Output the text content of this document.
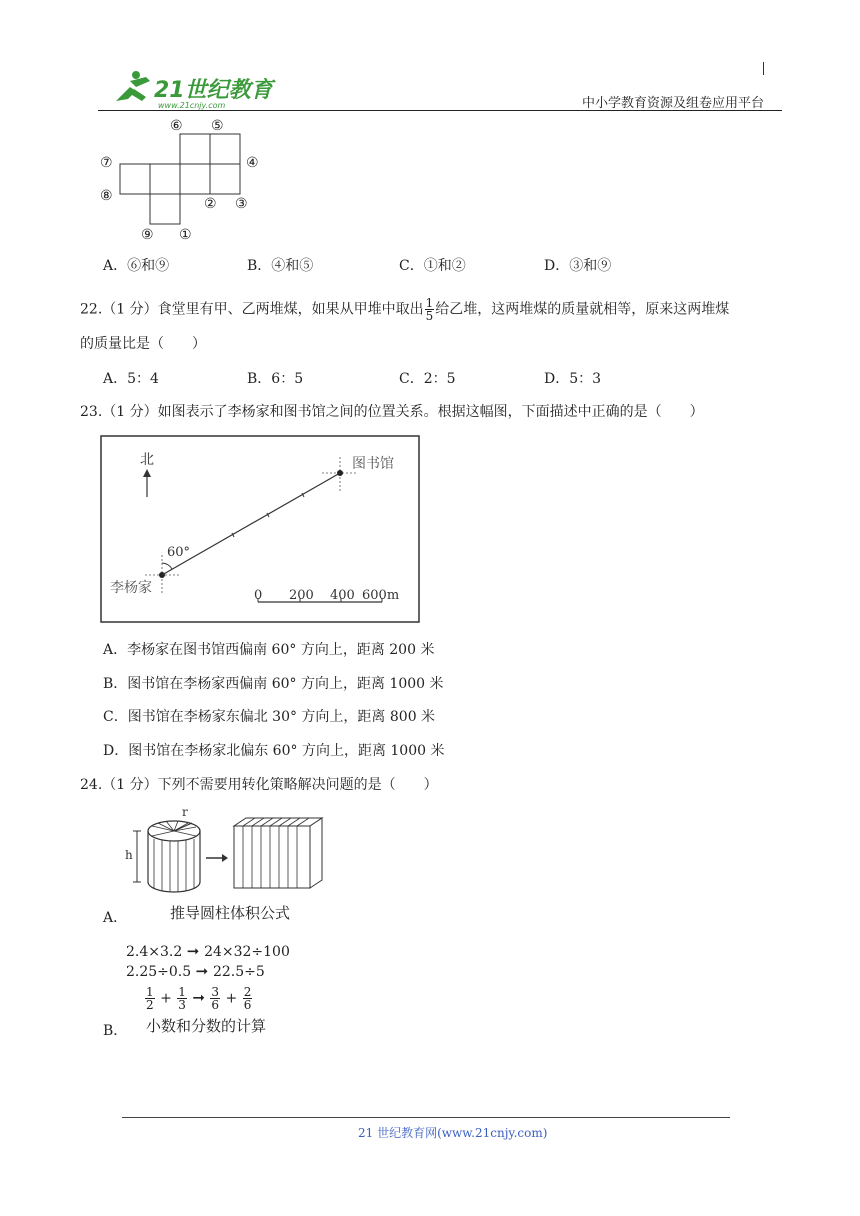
21世纪教育
www.21cnjy.com	中小学教育资源及组卷应用平台
⑥ ⑤
⑦	④
⑧	② ③
⑨ ①
A．⑥和⑨	B．④和⑤	C．①和②	D．③和⑨
22.（1 分）食堂里有甲、乙两堆煤，如果从甲堆中取出 $\frac{1}{5}$ 给乙堆，这两堆煤的质量就相等，原来这两堆煤
的质量比是（　　）
A．5：4	B．6：5	C．2：5	D．5：3
23.（1 分）如图表示了李杨家和图书馆之间的位置关系。根据这幅图，下面描述中正确的是（　　）
北	图书馆
李杨家
60°
0 200 400 600m
A．李杨家在图书馆西偏南 60° 方向上，距离 200 米
B．图书馆在李杨家西偏南 60° 方向上，距离 1000 米
C．图书馆在李杨家东偏北 30° 方向上，距离 800 米
D．图书馆在李杨家北偏东 60° 方向上，距离 1000 米
24.（1 分）下列不需要用转化策略解决问题的是（　　）
r
h
A．	推导圆柱体积公式
2.4×3.2 ➞ 24×32÷100
2.25÷0.5 ➞ 22.5÷5
$\frac{1}{2} + \frac{1}{3}$ ➞ $\frac{3}{6} + \frac{2}{6}$
B． 小数和分数的计算
21 世纪教育网(www.21cnjy.com)
